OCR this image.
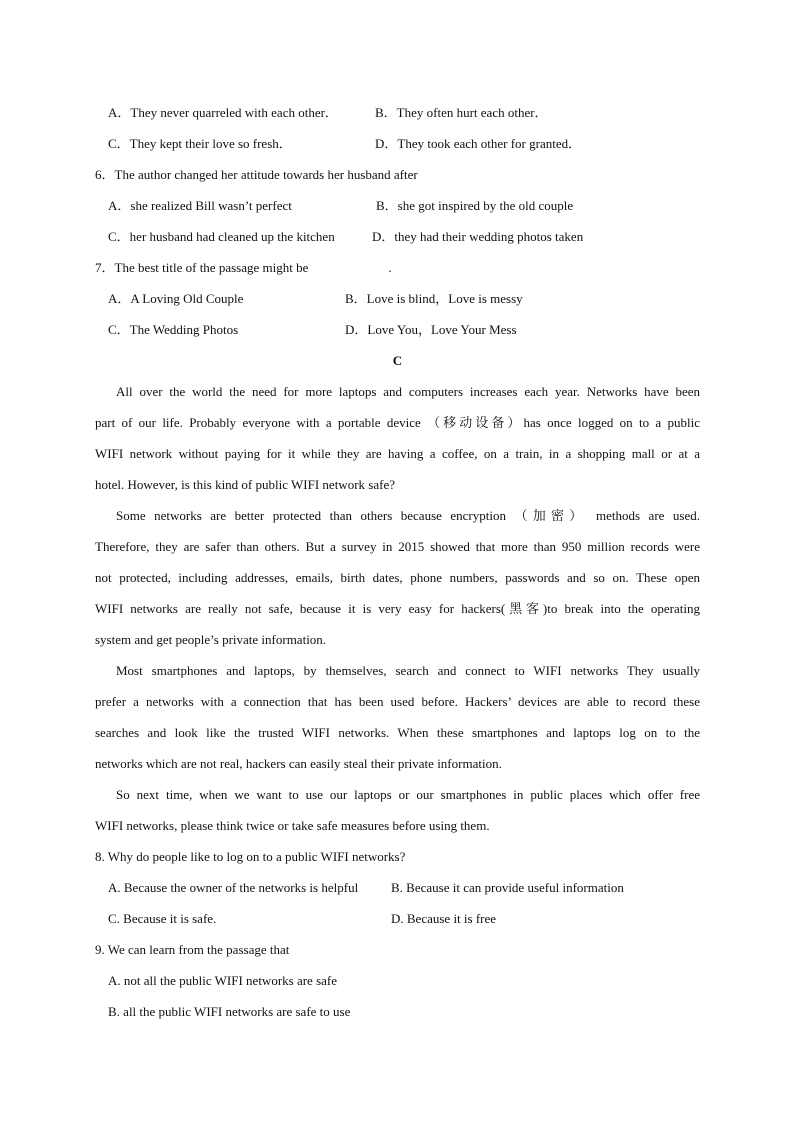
A．They never quarreled with each other．	B．They often hurt each other．
C．They kept their love so fresh．	D．They took each other for granted．
6．The author changed her attitude towards her husband after
A．she realized Bill wasn’t perfect	B．she got inspired by the old couple
C．her husband had cleaned up the kitchen	D．they had their wedding photos taken
7．The best title of the passage might be	.
A．A Loving Old Couple	B．Love is blind，Love is messy
C．The Wedding Photos	D．Love You，Love Your Mess
C
All over the world the need for more laptops and computers increases each year. Networks have been
part of our life. Probably everyone with a portable device （移动设备）has once logged on to a public
WIFI network without paying for it while they are having a coffee, on a train, in a shopping mall or at a
hotel. However, is this kind of public WIFI network safe?
Some networks are better protected than others because encryption （加密） methods are used.
Therefore, they are safer than others. But a survey in 2015 showed that more than 950 million records were
not protected, including addresses, emails, birth dates, phone numbers, passwords and so on. These open
WIFI networks are really not safe, because it is very easy for hackers(黑客)to break into the operating
system and get people’s private information.
Most smartphones and laptops, by themselves, search and connect to WIFI networks They usually
prefer a networks with a connection that has been used before. Hackers’ devices are able to record these
searches and look like the trusted WIFI networks. When these smartphones and laptops log on to the
networks which are not real, hackers can easily steal their private information.
So next time, when we want to use our laptops or our smartphones in public places which offer free
WIFI networks, please think twice or take safe measures before using them.
8. Why do people like to log on to a public WIFI networks?
A. Because the owner of the networks is helpful	B. Because it can provide useful information
C. Because it is safe.	D. Because it is free
9. We can learn from the passage that
A. not all the public WIFI networks are safe
B. all the public WIFI networks are safe to use
